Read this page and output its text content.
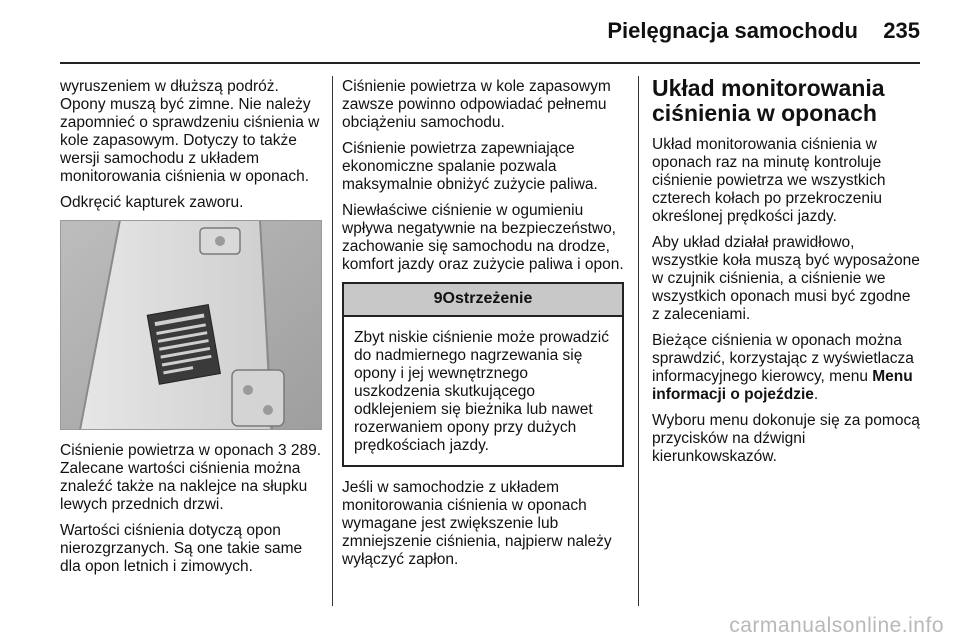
Pielęgnacja samochodu 235

wyruszeniem w dłuższą podróż. Opony muszą być zimne. Nie należy zapomnieć o sprawdzeniu ciśnienia w kole zapasowym. Dotyczy to także wersji samochodu z układem monitorowania ciśnienia w oponach.

Odkręcić kapturek zaworu.

Ciśnienie powietrza w oponach 3 289. Zalecane wartości ciśnienia można znaleźć także na naklejce na słupku lewych przednich drzwi.

Wartości ciśnienia dotyczą opon nierozgrzanych. Są one takie same dla opon letnich i zimowych.

Ciśnienie powietrza w kole zapasowym zawsze powinno odpowiadać pełnemu obciążeniu samochodu.

Ciśnienie powietrza zapewniające ekonomiczne spalanie pozwala maksymalnie obniżyć zużycie paliwa.

Niewłaściwe ciśnienie w ogumieniu wpływa negatywnie na bezpieczeństwo, zachowanie się samochodu na drodze, komfort jazdy oraz zużycie paliwa i opon.

9Ostrzeżenie
Zbyt niskie ciśnienie może prowadzić do nadmiernego nagrzewania się opony i jej wewnętrznego uszkodzenia skutkującego odklejeniem się bieżnika lub nawet rozerwaniem opony przy dużych prędkościach jazdy.

Jeśli w samochodzie z układem monitorowania ciśnienia w oponach wymagane jest zwiększenie lub zmniejszenie ciśnienia, najpierw należy wyłączyć zapłon.

Układ monitorowania ciśnienia w oponach

Układ monitorowania ciśnienia w oponach raz na minutę kontroluje ciśnienie powietrza we wszystkich czterech kołach po przekroczeniu określonej prędkości jazdy.

Aby układ działał prawidłowo, wszystkie koła muszą być wyposażone w czujnik ciśnienia, a ciśnienie we wszystkich oponach musi być zgodne z zaleceniami.

Bieżące ciśnienia w oponach można sprawdzić, korzystając z wyświetlacza informacyjnego kierowcy, menu Menu informacji o pojeździe.

Wyboru menu dokonuje się za pomocą przycisków na dźwigni kierunkowskazów.

carmanualsonline.info
